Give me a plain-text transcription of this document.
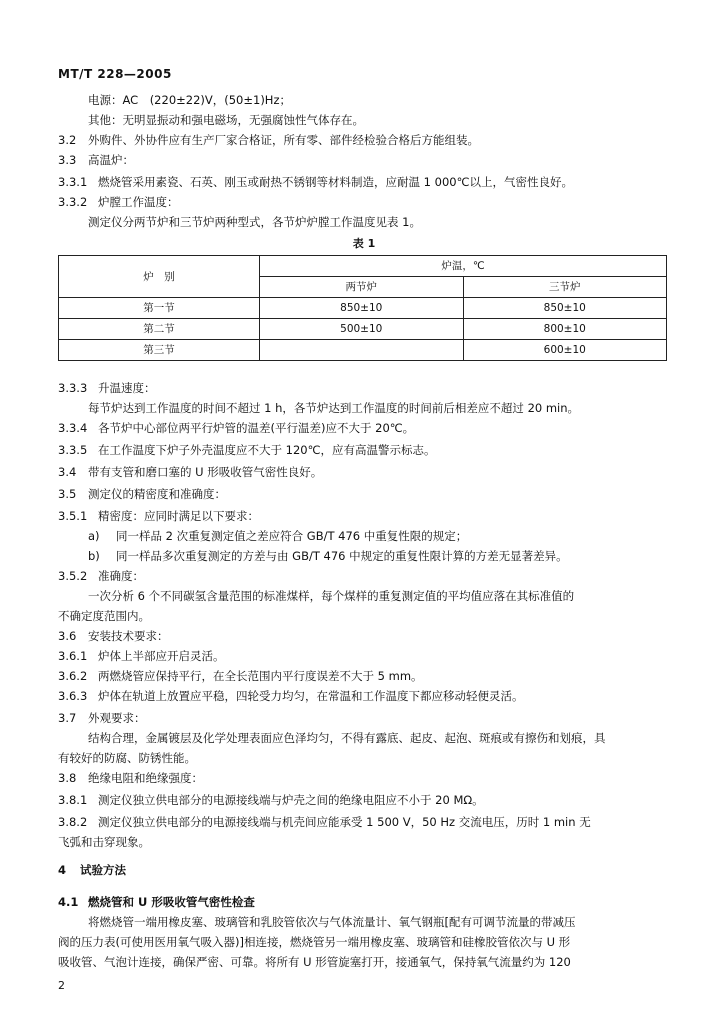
MT/T 228—2005
电源：AC　(220±22)V，(50±1)Hz；
其他：无明显振动和强电磁场，无强腐蚀性气体存在。
3.2 外购件、外协件应有生产厂家合格证，所有零、部件经检验合格后方能组装。
3.3 高温炉：
3.3.1 燃烧管采用素瓷、石英、刚玉或耐热不锈钢等材料制造，应耐温 1 000℃以上，气密性良好。
3.3.2 炉膛工作温度：
测定仪分两节炉和三节炉两种型式，各节炉炉膛工作温度见表 1。
表 1
炉　别	炉温，℃	
	两节炉	三节炉
第一节	850±10	850±10
第二节	500±10	800±10
第三节		600±10
3.3.3 升温速度：
每节炉达到工作温度的时间不超过 1 h，各节炉达到工作温度的时间前后相差应不超过 20 min。
3.3.4 各节炉中心部位两平行炉管的温差(平行温差)应不大于 20℃。
3.3.5 在工作温度下炉子外壳温度应不大于 120℃，应有高温警示标志。
3.4 带有支管和磨口塞的 U 形吸收管气密性良好。
3.5 测定仪的精密度和准确度：
3.5.1 精密度：应同时满足以下要求：
a) 同一样品 2 次重复测定值之差应符合 GB/T 476 中重复性限的规定；
b) 同一样品多次重复测定的方差与由 GB/T 476 中规定的重复性限计算的方差无显著差异。
3.5.2 准确度：
一次分析 6 个不同碳氢含量范围的标准煤样，每个煤样的重复测定值的平均值应落在其标准值的
不确定度范围内。
3.6 安装技术要求：
3.6.1 炉体上半部应开启灵活。
3.6.2 两燃烧管应保持平行，在全长范围内平行度误差不大于 5 mm。
3.6.3 炉体在轨道上放置应平稳，四轮受力均匀，在常温和工作温度下都应移动轻便灵活。
3.7 外观要求：
结构合理，金属镀层及化学处理表面应色泽均匀，不得有露底、起皮、起泡、斑痕或有擦伤和划痕，具
有较好的防腐、防锈性能。
3.8 绝缘电阻和绝缘强度：
3.8.1 测定仪独立供电部分的电源接线端与炉壳之间的绝缘电阻应不小于 20 MΩ。
3.8.2 测定仪独立供电部分的电源接线端与机壳间应能承受 1 500 V，50 Hz 交流电压，历时 1 min 无
飞弧和击穿现象。
4 试验方法
4.1 燃烧管和 U 形吸收管气密性检查
将燃烧管一端用橡皮塞、玻璃管和乳胶管依次与气体流量计、氧气钢瓶[配有可调节流量的带减压
阀的压力表(可使用医用氧气吸入器)]相连接，燃烧管另一端用橡皮塞、玻璃管和硅橡胶管依次与 U 形
吸收管、气泡计连接，确保严密、可靠。将所有 U 形管旋塞打开，接通氧气，保持氧气流量约为 120
2
